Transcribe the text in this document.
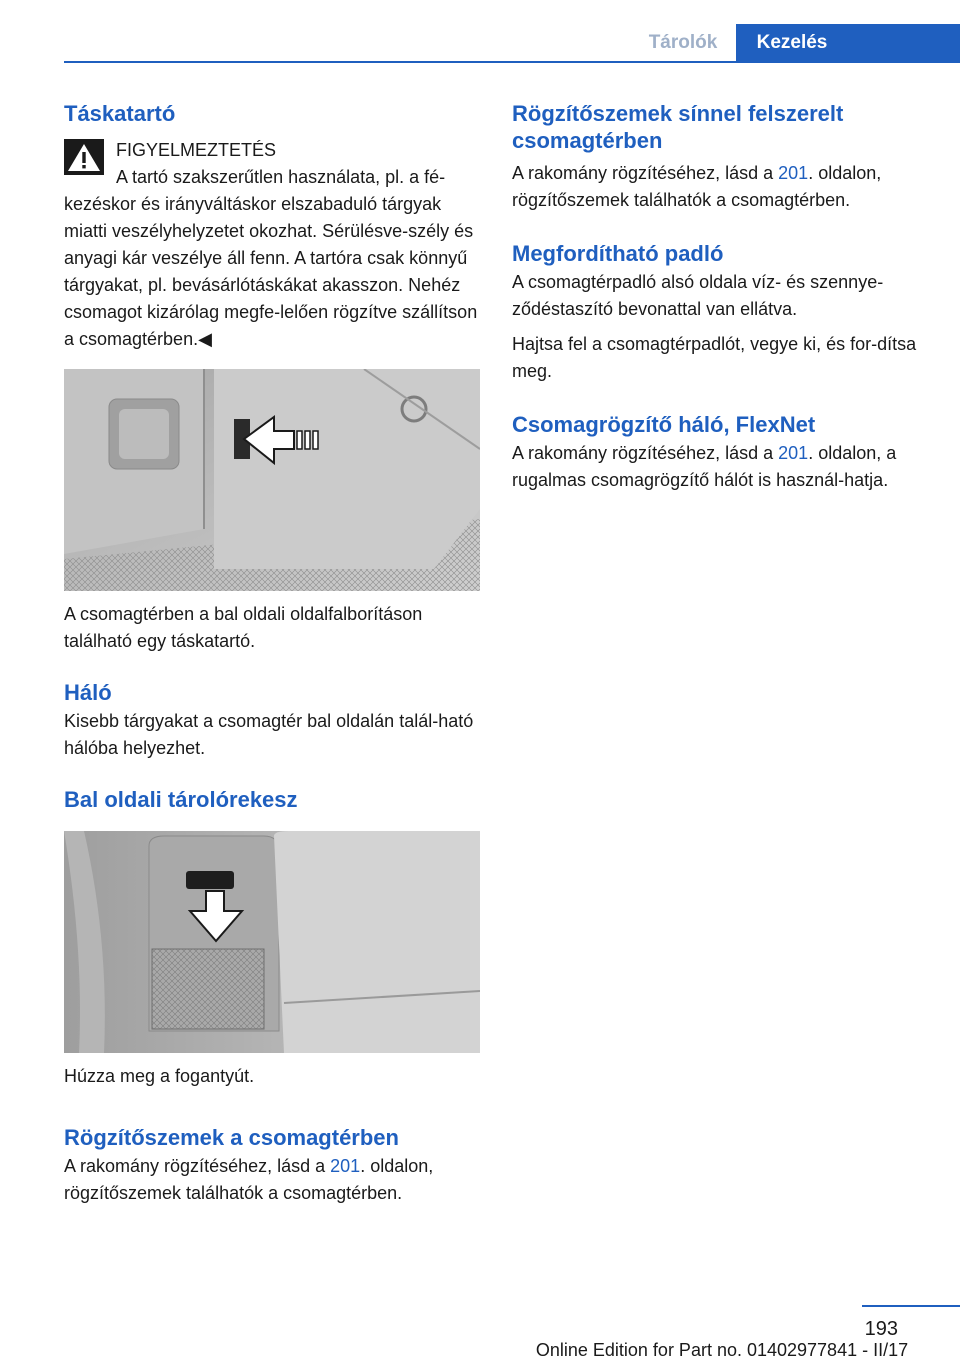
Tárolók	Kezelés
Táskatartó

FIGYELMEZTETÉS

A tartó szakszerűtlen használata, pl. a fé-

kezéskor és irányváltáskor elszabaduló tárgyak miatti veszélyhelyzetet okozhat. Sérülésve-szély és anyagi kár veszélye áll fenn. A tartóra csak könnyű tárgyakat, pl. bevásárlótáskákat akasszon. Nehéz csomagot kizárólag megfe-lelően rögzítve szállítson a csomagtérben.◀

A csomagtérben a bal oldali oldalfalborításon található egy táskatartó.

Háló

Kisebb tárgyakat a csomagtér bal oldalán talál-ható hálóba helyezhet.

Bal oldali tárolórekesz

Húzza meg a fogantyút.

Rögzítőszemek a csomagtérben

A rakomány rögzítéséhez, lásd a 201. oldalon, rögzítőszemek találhatók a csomagtérben.

Rögzítőszemek sínnel felszerelt csomagtérben

A rakomány rögzítéséhez, lásd a 201. oldalon, rögzítőszemek találhatók a csomagtérben.

Megfordítható padló

A csomagtérpadló alsó oldala víz- és szennye-ződéstaszító bevonattal van ellátva.

Hajtsa fel a csomagtérpadlót, vegye ki, és for-dítsa meg.

Csomagrögzítő háló, FlexNet

A rakomány rögzítéséhez, lásd a 201. oldalon, a rugalmas csomagrögzítő hálót is használ-hatja.

193
Online Edition for Part no. 01402977841 - II/17
